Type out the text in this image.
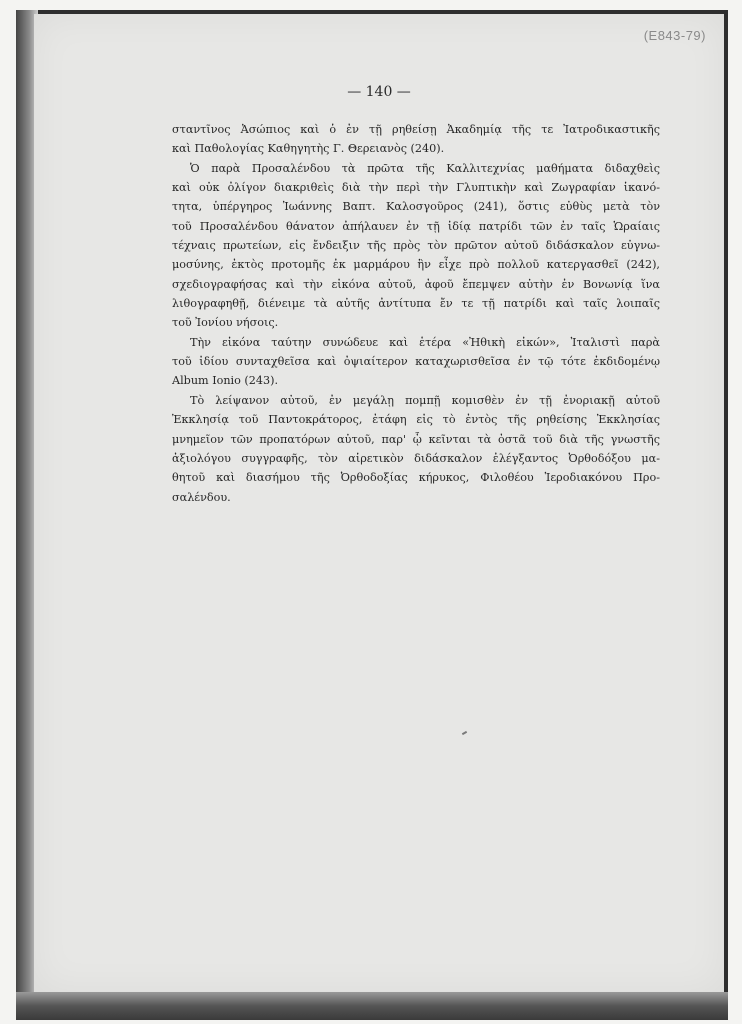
(Ε843-79)
— 140 —
σταντῖνος Ἀσώπιος καὶ ὁ ἐν τῇ ρηθείσῃ Ἀκαδημίᾳ τῆς τε Ἰατροδικαστικῆς
καὶ Παθολογίας Καθηγητὴς Γ. Θερειανὸς (240).
Ὁ παρὰ Προσαλένδου τὰ πρῶτα τῆς Καλλιτεχνίας μαθήματα διδαχθεὶς
καὶ οὐκ ὀλίγον διακριθεὶς διὰ τὴν περὶ τὴν Γλυπτικὴν καὶ Ζωγραφίαν ἱκανό-
τητα, ὑπέργηρος Ἰωάννης Βαπτ. Καλοσγοῦρος (241), ὅστις εὐθὺς μετὰ τὸν
τοῦ Προσαλένδου θάνατον ἀπήλαυεν ἐν τῇ ἰδίᾳ πατρίδι τῶν ἐν ταῖς Ὡραίαις
τέχναις πρωτείων, εἰς ἔνδειξιν τῆς πρὸς τὸν πρῶτον αὐτοῦ διδάσκαλον εὐγνω-
μοσύνης, ἐκτὸς προτομῆς ἐκ μαρμάρου ἣν εἶχε πρὸ πολλοῦ κατεργασθεῖ (242),
σχεδιογραφήσας καὶ τὴν εἰκόνα αὐτοῦ, ἀφοῦ ἔπεμψεν αὐτὴν ἐν Βονωνίᾳ ἵνα
λιθογραφηθῇ, διένειμε τὰ αὐτῆς ἀντίτυπα ἔν τε τῇ πατρίδι καὶ ταῖς λοιπαῖς
τοῦ Ἰονίου νήσοις.
Τὴν εἰκόνα ταύτην συνώδευε καὶ ἑτέρα «Ἠθικὴ εἰκών», Ἰταλιστὶ παρὰ
τοῦ ἰδίου συνταχθεῖσα καὶ ὀψιαίτερον καταχωρισθεῖσα ἐν τῷ τότε ἐκδιδομένῳ
Album Ionio (243).
Τὸ λείψανον αὐτοῦ, ἐν μεγάλῃ πομπῇ κομισθὲν ἐν τῇ ἐνοριακῇ αὐτοῦ
Ἐκκλησίᾳ τοῦ Παντοκράτορος, ἐτάφη εἰς τὸ ἐντὸς τῆς ρηθείσης Ἐκκλησίας
μνημεῖον τῶν προπατόρων αὐτοῦ, παρ' ᾧ κεῖνται τὰ ὀστᾶ τοῦ διὰ τῆς γνωστῆς
ἀξιολόγου συγγραφῆς, τὸν αἱρετικὸν διδάσκαλον ἐλέγξαντος Ὀρθοδόξου μα-
θητοῦ καὶ διασήμου τῆς Ὀρθοδοξίας κήρυκος, Φιλοθέου Ἱεροδιακόνου Προ-
σαλένδου.
